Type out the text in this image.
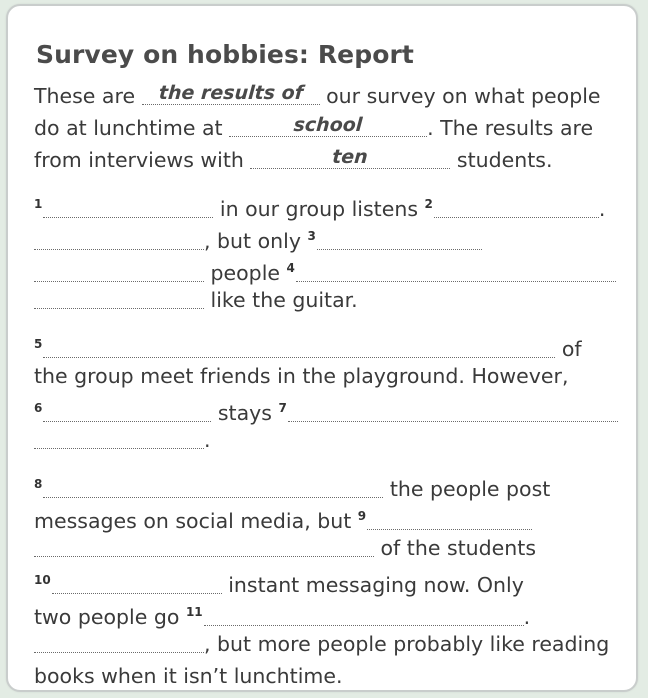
Survey on hobbies: Report
These are the results of our survey on what people
do at lunchtime at	school	. The results are
from interviews with	ten	students.
$^1$	in our group listens $^2$	.
, but only $^3$
people $^4$
like the guitar.
$^5$	of
the group meet friends in the playground. However,
$^6$	stays $^7$
.
$^8$	the people post
messages on social media, but $^9$
of the students
$^{10}$	instant messaging now. Only
two people go $^{11}$	.
, but more people probably like reading
books when it isn’t lunchtime.
